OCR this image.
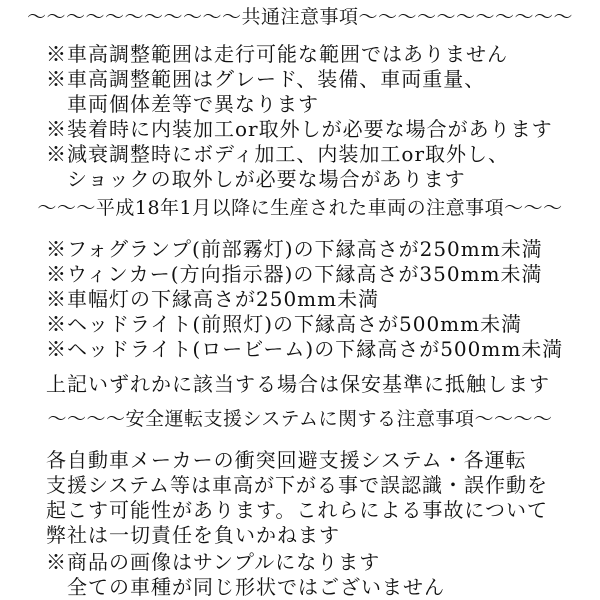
～～～～～～～～～～～共通注意事項～～～～～～～～～～～
※車高調整範囲は走行可能な範囲ではありません
※車高調整範囲はグレード、装備、車両重量、
　車両個体差等で異なります
※装着時に内装加工or取外しが必要な場合があります
※減衰調整時にボディ加工、内装加工or取外し、
　ショックの取外しが必要な場合があります
～～～平成18年1月以降に生産された車両の注意事項～～～
※フォグランプ(前部霧灯)の下縁高さが250mm未満
※ウィンカー(方向指示器)の下縁高さが350mm未満
※車幅灯の下縁高さが250mm未満
※ヘッドライト(前照灯)の下縁高さが500mm未満
※ヘッドライト(ロービーム)の下縁高さが500mm未満
上記いずれかに該当する場合は保安基準に抵触します
～～～～安全運転支援システムに関する注意事項～～～～
各自動車メーカーの衝突回避支援システム・各運転
支援システム等は車高が下がる事で誤認識・誤作動を
起こす可能性があります。これらによる事故について
弊社は一切責任を負いかねます
※商品の画像はサンプルになります
　全ての車種が同じ形状ではございません
